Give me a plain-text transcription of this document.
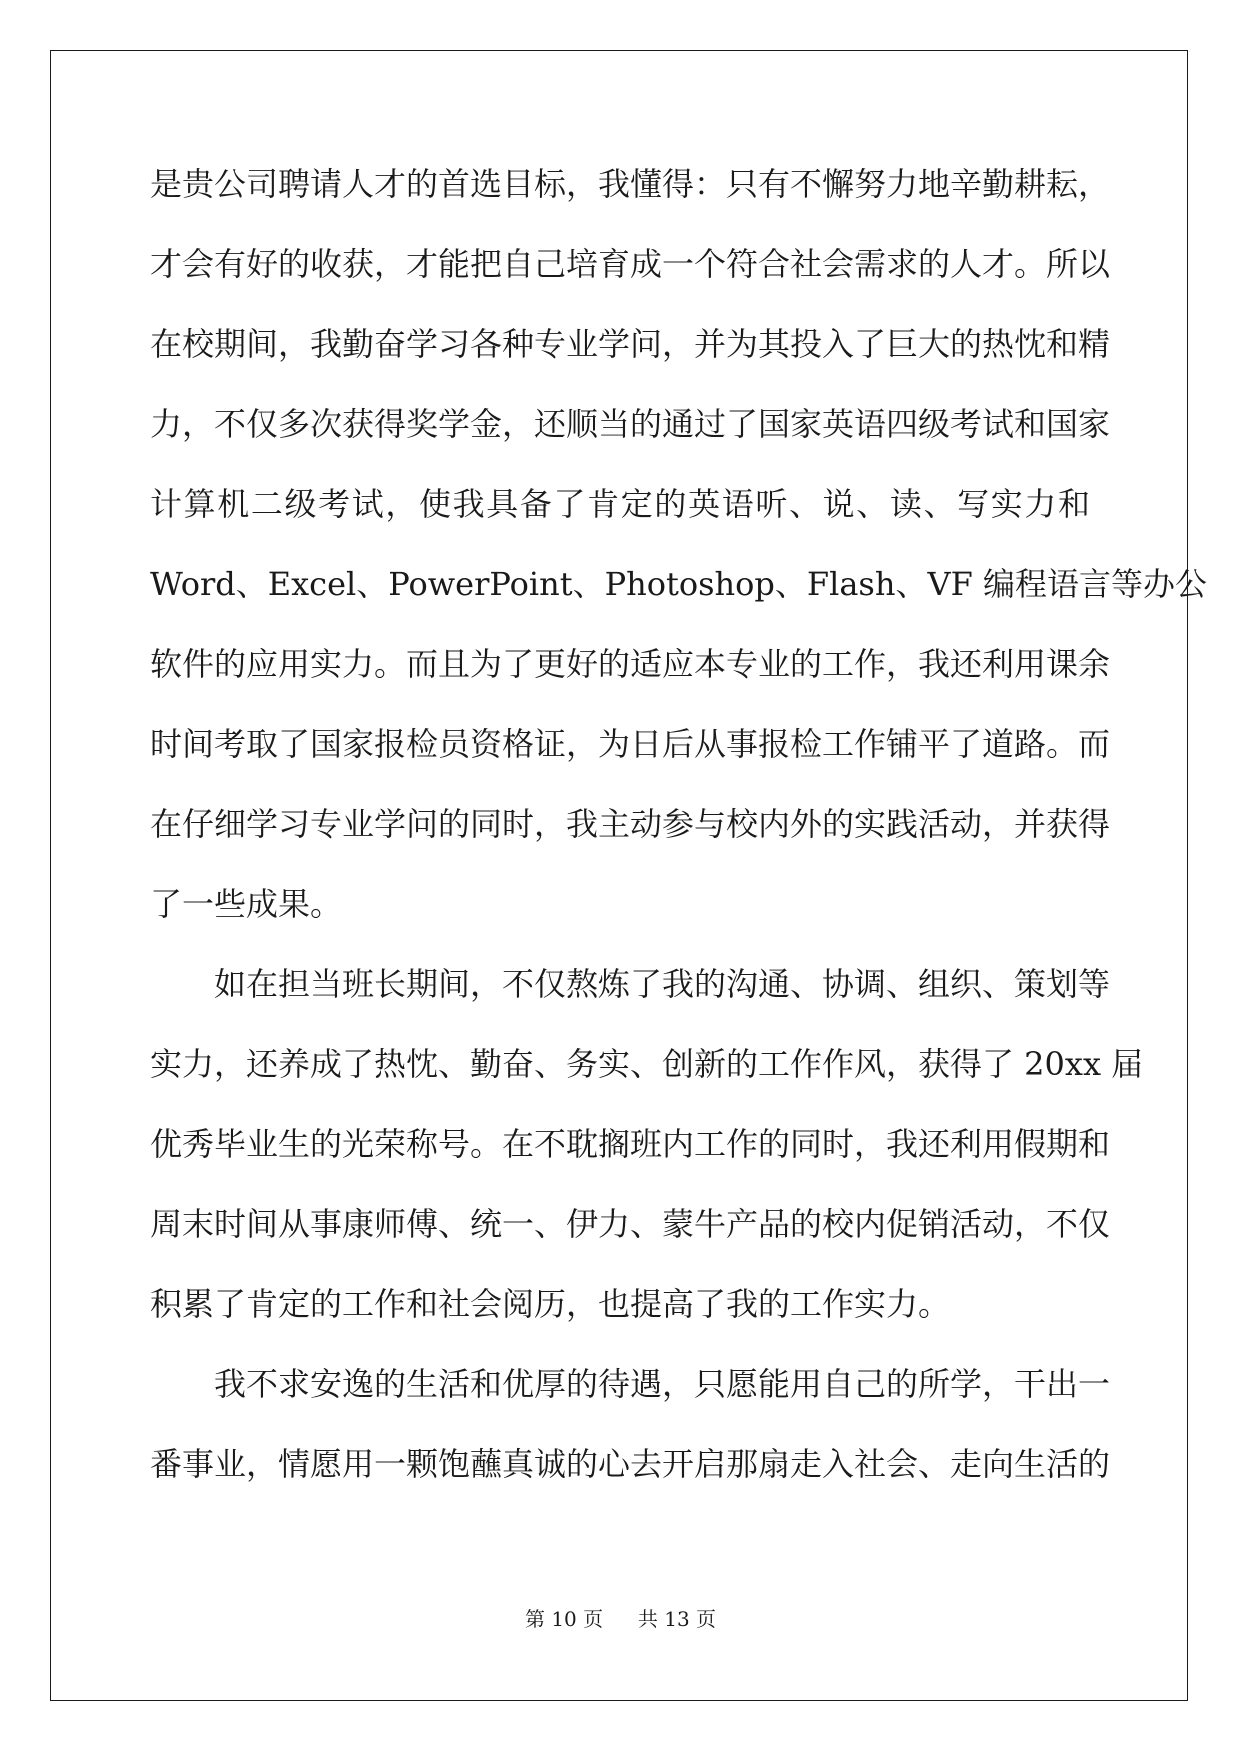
是贵公司聘请人才的首选目标，我懂得：只有不懈努力地辛勤耕耘，
才会有好的收获，才能把自己培育成一个符合社会需求的人才。所以
在校期间，我勤奋学习各种专业学问，并为其投入了巨大的热忱和精
力，不仅多次获得奖学金，还顺当的通过了国家英语四级考试和国家
计算机二级考试，使我具备了肯定的英语听、说、读、写实力和
Word、Excel、PowerPoint、Photoshop、Flash、VF 编程语言等办公
软件的应用实力。而且为了更好的适应本专业的工作，我还利用课余
时间考取了国家报检员资格证，为日后从事报检工作铺平了道路。而
在仔细学习专业学问的同时，我主动参与校内外的实践活动，并获得
了一些成果。
如在担当班长期间，不仅熬炼了我的沟通、协调、组织、策划等
实力，还养成了热忱、勤奋、务实、创新的工作作风，获得了 20xx 届
优秀毕业生的光荣称号。在不耽搁班内工作的同时，我还利用假期和
周末时间从事康师傅、统一、伊力、蒙牛产品的校内促销活动，不仅
积累了肯定的工作和社会阅历，也提高了我的工作实力。
我不求安逸的生活和优厚的待遇，只愿能用自己的所学，干出一
番事业，情愿用一颗饱蘸真诚的心去开启那扇走入社会、走向生活的
第 10 页 共 13 页
